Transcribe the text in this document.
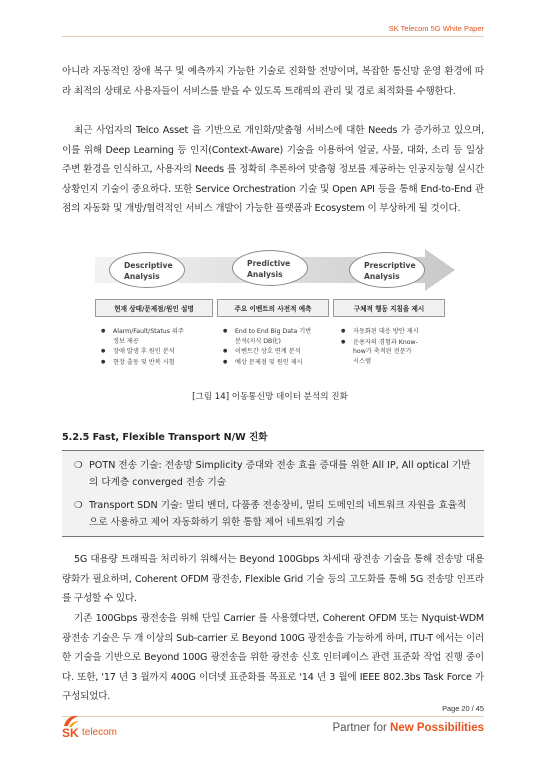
SK Telecom 5G White Paper

아니라 자동적인 장애 복구 및 예측까지 가능한 기술로 진화할 전망이며, 복잡한 통신망 운영 환경에 따라 최적의 상태로 사용자들이 서비스를 받을 수 있도록 트래픽의 관리 및 경로 최적화를 수행한다.

최근 사업자의 Telco Asset 을 기반으로 개인화/맞춤형 서비스에 대한 Needs 가 증가하고 있으며, 이를 위해 Deep Learning 등 인지(Context-Aware) 기술을 이용하여 얼굴, 사물, 대화, 소리 등 일상 주변 환경을 인식하고, 사용자의 Needs 를 정확히 추론하여 맞춤형 정보를 제공하는 인공지능형 실시간 상황인지 기술이 중요하다. 또한 Service Orchestration 기술 및 Open API 등을 통해 End-to-End 관점의 자동화 및 개방/협력적인 서비스 개발이 가능한 플랫폼과 Ecosystem 이 부상하게 될 것이다.

Descriptive
Analysis
Predictive
Analysis
Prescriptive
Analysis
현재 상태/문제점/원인 설명	주요 이벤트의 사전적 예측	구체적 행동 지침을 제시
● Alarm/Fault/Status 위주
정보 제공
● 장애 발생 후 원인 분석
● 현장 출동 및 반복 시험
● End to End Big Data 기반
분석(지식 DB化)
● 이벤트간 상호 연계 분석
● 예상 문제점 및 원인 제시
● 자동화된 대응 방안 제시
● 운용자의 경험과 Know-
how가 축적된 전문가
시스템
[그림 14] 이동통신망 데이터 분석의 진화
5.2.5 Fast, Flexible Transport N/W 진화
❍ POTN 전송 기술: 전송망 Simplicity 증대와 전송 효율 증대를 위한 All IP, All optical 기반의 다계층 converged 전송 기술
❍ Transport SDN 기술: 멀티 벤더, 다품종 전송장비, 멀티 도메인의 네트워크 자원을 효율적으로 사용하고 제어 자동화하기 위한 통합 제어 네트워킹 기술

5G 대용량 트래픽을 처리하기 위해서는 Beyond 100Gbps 차세대 광전송 기술을 통해 전송망 대용량화가 필요하며, Coherent OFDM 광전송, Flexible Grid 기술 등의 고도화를 통해 5G 전송망 인프라를 구성할 수 있다.

기존 100Gbps 광전송을 위해 단일 Carrier 를 사용했다면, Coherent OFDM 또는 Nyquist-WDM 광전송 기술은 두 개 이상의 Sub-carrier 로 Beyond 100G 광전송을 가능하게 하며, ITU-T 에서는 이러한 기술을 기반으로 Beyond 100G 광전송을 위한 광전송 신호 인터페이스 관련 표준화 작업 진행 중이다. 또한, '17 년 3 월까지 400G 이더넷 표준화를 목표로 '14 년 3 월에 IEEE 802.3bs Task Force 가 구성되었다.

Page 20 / 45
SK telecom	Partner for New Possibilities
